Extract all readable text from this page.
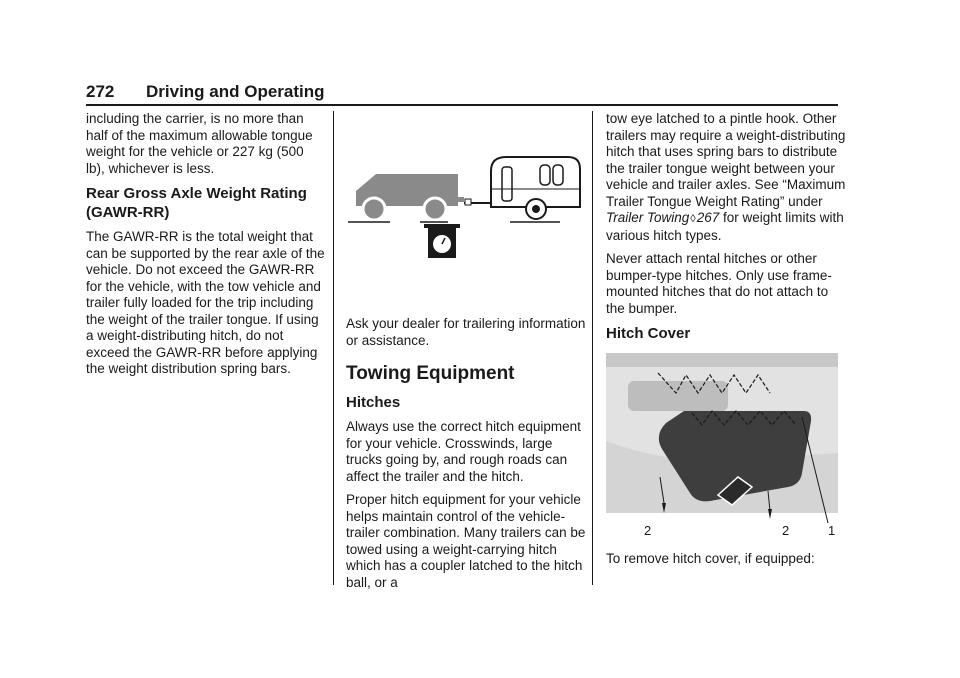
272 Driving and Operating

including the carrier, is no more than half of the maximum allowable tongue weight for the vehicle or 227 kg (500 lb), whichever is less.

Rear Gross Axle Weight Rating (GAWR-RR)

The GAWR-RR is the total weight that can be supported by the rear axle of the vehicle. Do not exceed the GAWR-RR for the vehicle, with the tow vehicle and trailer fully loaded for the trip including the weight of the trailer tongue. If using a weight-distributing hitch, do not exceed the GAWR-RR before applying the weight distribution spring bars.

Ask your dealer for trailering information or assistance.

Towing Equipment
Hitches

Always use the correct hitch equipment for your vehicle. Crosswinds, large trucks going by, and rough roads can affect the trailer and the hitch.

Proper hitch equipment for your vehicle helps maintain control of the vehicle-trailer combination. Many trailers can be towed using a weight-carrying hitch which has a coupler latched to the hitch ball, or a

tow eye latched to a pintle hook. Other trailers may require a weight-distributing hitch that uses spring bars to distribute the trailer tongue weight between your vehicle and trailer axles. See “Maximum Trailer Tongue Weight Rating” under Trailer Towing◊267 for weight limits with various hitch types.

Never attach rental hitches or other bumper-type hitches. Only use frame-mounted hitches that do not attach to the bumper.

Hitch Cover
2	2	1

To remove hitch cover, if equipped:
